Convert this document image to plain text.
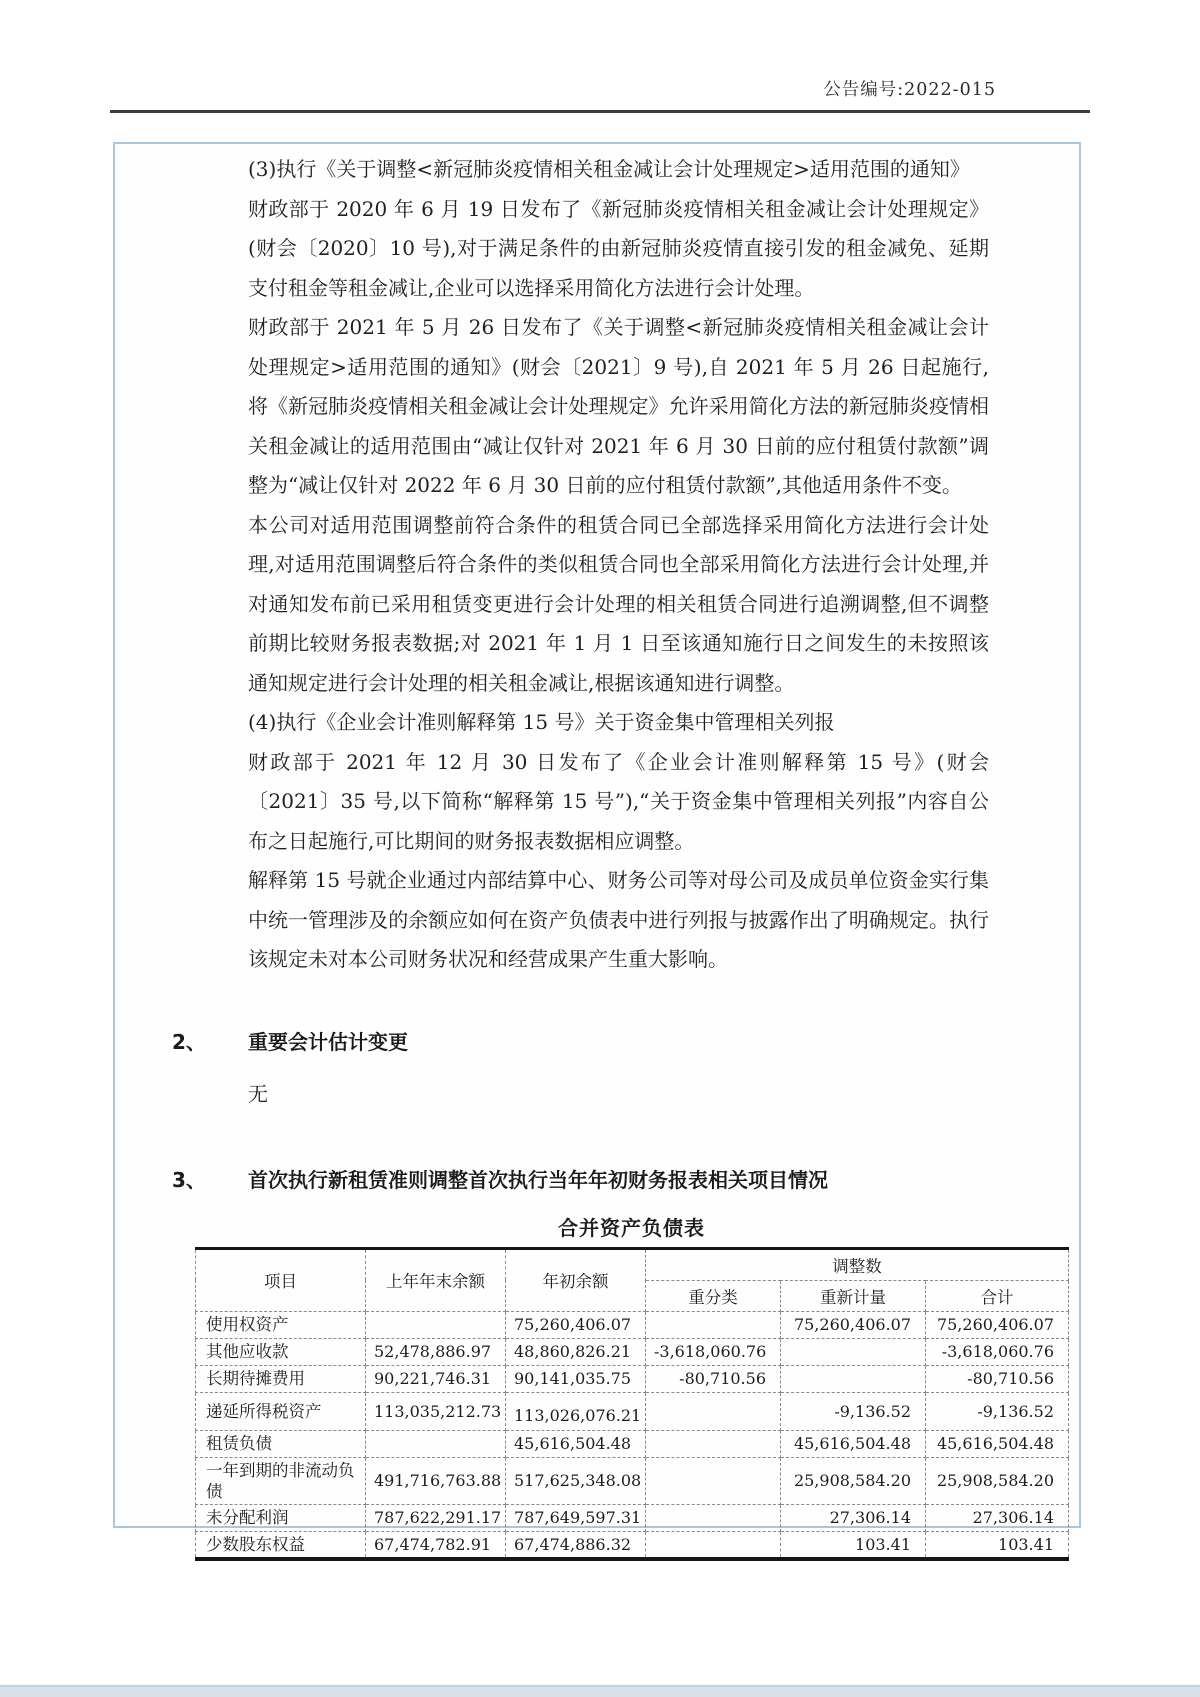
公告编号:2022-015

(3)执行《关于调整<新冠肺炎疫情相关租金减让会计处理规定>适用范围的通知》

财政部于 2020 年 6 月 19 日发布了《新冠肺炎疫情相关租金减让会计处理规定》(财会〔2020〕10 号),对于满足条件的由新冠肺炎疫情直接引发的租金减免、延期支付租金等租金减让,企业可以选择采用简化方法进行会计处理。

财政部于 2021 年 5 月 26 日发布了《关于调整<新冠肺炎疫情相关租金减让会计处理规定>适用范围的通知》(财会〔2021〕9 号),自 2021 年 5 月 26 日起施行,将《新冠肺炎疫情相关租金减让会计处理规定》允许采用简化方法的新冠肺炎疫情相关租金减让的适用范围由“减让仅针对 2021 年 6 月 30 日前的应付租赁付款额”调整为“减让仅针对 2022 年 6 月 30 日前的应付租赁付款额”,其他适用条件不变。

本公司对适用范围调整前符合条件的租赁合同已全部选择采用简化方法进行会计处理,对适用范围调整后符合条件的类似租赁合同也全部采用简化方法进行会计处理,并对通知发布前已采用租赁变更进行会计处理的相关租赁合同进行追溯调整,但不调整前期比较财务报表数据;对 2021 年 1 月 1 日至该通知施行日之间发生的未按照该通知规定进行会计处理的相关租金减让,根据该通知进行调整。

(4)执行《企业会计准则解释第 15 号》关于资金集中管理相关列报

财政部于 2021 年 12 月 30 日发布了《企业会计准则解释第 15 号》(财会〔2021〕35 号,以下简称“解释第 15 号”),“关于资金集中管理相关列报”内容自公布之日起施行,可比期间的财务报表数据相应调整。

解释第 15 号就企业通过内部结算中心、财务公司等对母公司及成员单位资金实行集中统一管理涉及的余额应如何在资产负债表中进行列报与披露作出了明确规定。执行该规定未对本公司财务状况和经营成果产生重大影响。

2、 重要会计估计变更

无

3、 首次执行新租赁准则调整首次执行当年年初财务报表相关项目情况
合并资产负债表
项目	上年年末余额	年初余额	调整数		
			重分类	重新计量	合计
使用权资产		75,260,406.07		75,260,406.07	75,260,406.07
其他应收款	52,478,886.97	48,860,826.21	-3,618,060.76		-3,618,060.76
长期待摊费用	90,221,746.31	90,141,035.75	-80,710.56		-80,710.56
递延所得税资产	113,035,212.73	113,026,076.21		-9,136.52	-9,136.52
租赁负债		45,616,504.48		45,616,504.48	45,616,504.48
一年到期的非流动负债	491,716,763.88	517,625,348.08		25,908,584.20	25,908,584.20
未分配利润	787,622,291.17	787,649,597.31		27,306.14	27,306.14
少数股东权益	67,474,782.91	67,474,886.32		103.41	103.41
